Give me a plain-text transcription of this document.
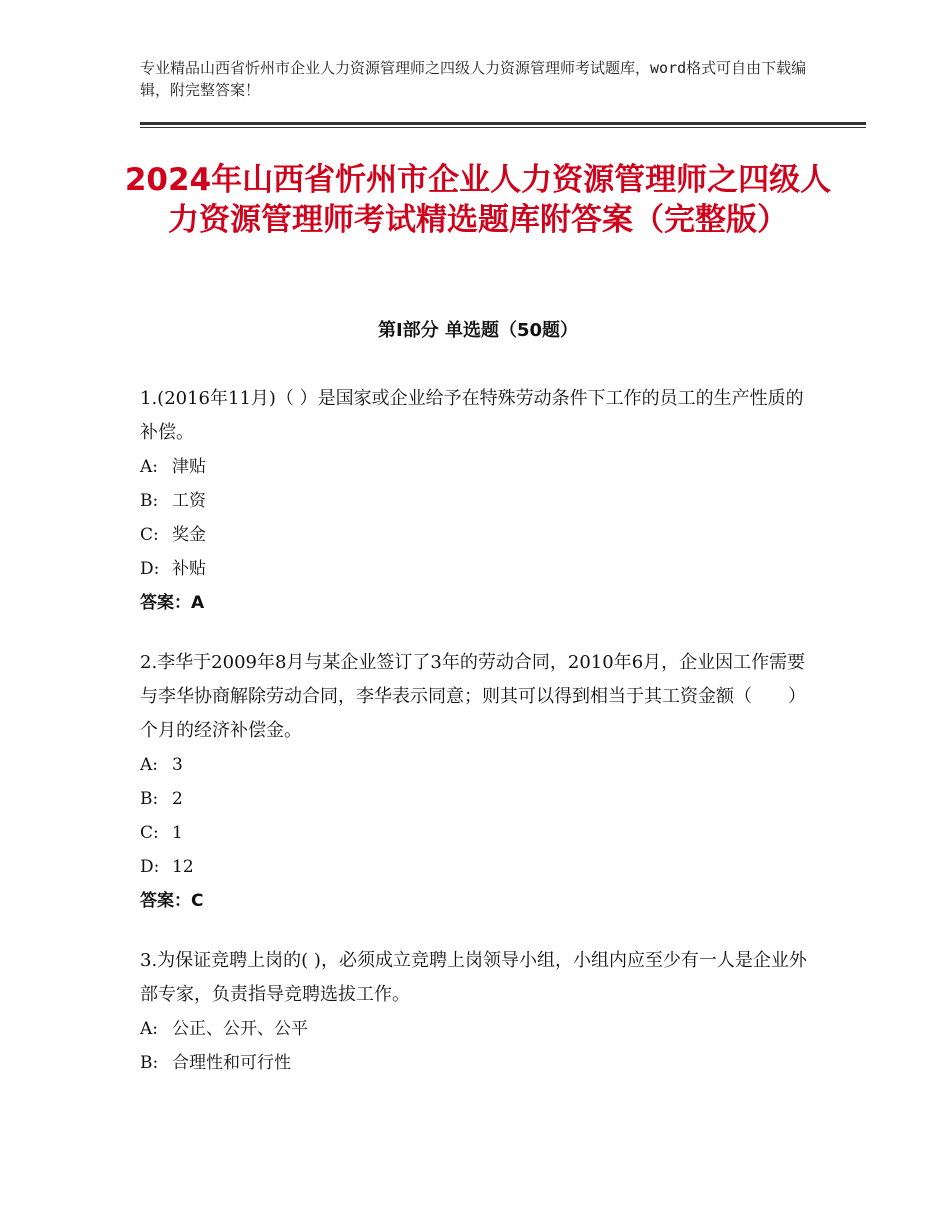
专业精品山西省忻州市企业人力资源管理师之四级人力资源管理师考试题库，word格式可自由下载编辑，附完整答案！
2024年山西省忻州市企业人力资源管理师之四级人力资源管理师考试精选题库附答案（完整版）
第Ⅰ部分 单选题（50题）

1.(2016年11月)（ ）是国家或企业给予在特殊劳动条件下工作的员工的生产性质的补偿。

A: 津贴

B: 工资

C: 奖金

D: 补贴

答案：A

2.李华于2009年8月与某企业签订了3年的劳动合同，2010年6月，企业因工作需要与李华协商解除劳动合同，李华表示同意；则其可以得到相当于其工资金额（　　）个月的经济补偿金。

A: 3

B: 2

C: 1

D: 12

答案：C

3.为保证竞聘上岗的( )，必须成立竞聘上岗领导小组，小组内应至少有一人是企业外部专家，负责指导竞聘选拔工作。

A: 公正、公开、公平

B: 合理性和可行性
